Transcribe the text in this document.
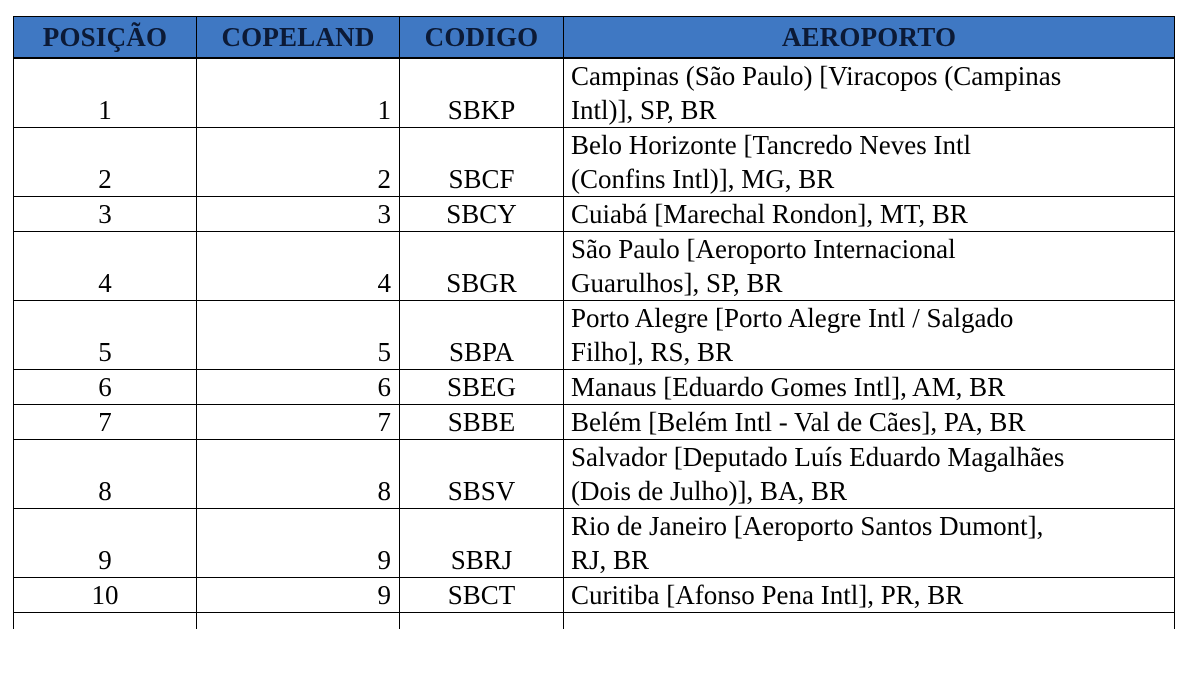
POSIÇÃO	COPELAND	CODIGO	AEROPORTO
1	1	SBKP	Campinas (São Paulo) [Viracopos (Campinas
Intl)], SP, BR

2	2	SBCF	Belo Horizonte [Tancredo Neves Intl
(Confins Intl)], MG, BR

3	3	SBCY	Cuiabá [Marechal Rondon], MT, BR

4	4	SBGR	São Paulo [Aeroporto Internacional
Guarulhos], SP, BR

5	5	SBPA	Porto Alegre [Porto Alegre Intl / Salgado
Filho], RS, BR

6	6	SBEG	Manaus [Eduardo Gomes Intl], AM, BR

7	7	SBBE	Belém [Belém Intl - Val de Cães], PA, BR

8	8	SBSV	Salvador [Deputado Luís Eduardo Magalhães
(Dois de Julho)], BA, BR

9	9	SBRJ	Rio de Janeiro [Aeroporto Santos Dumont],
RJ, BR

10	9	SBCT	Curitiba [Afonso Pena Intl], PR, BR
